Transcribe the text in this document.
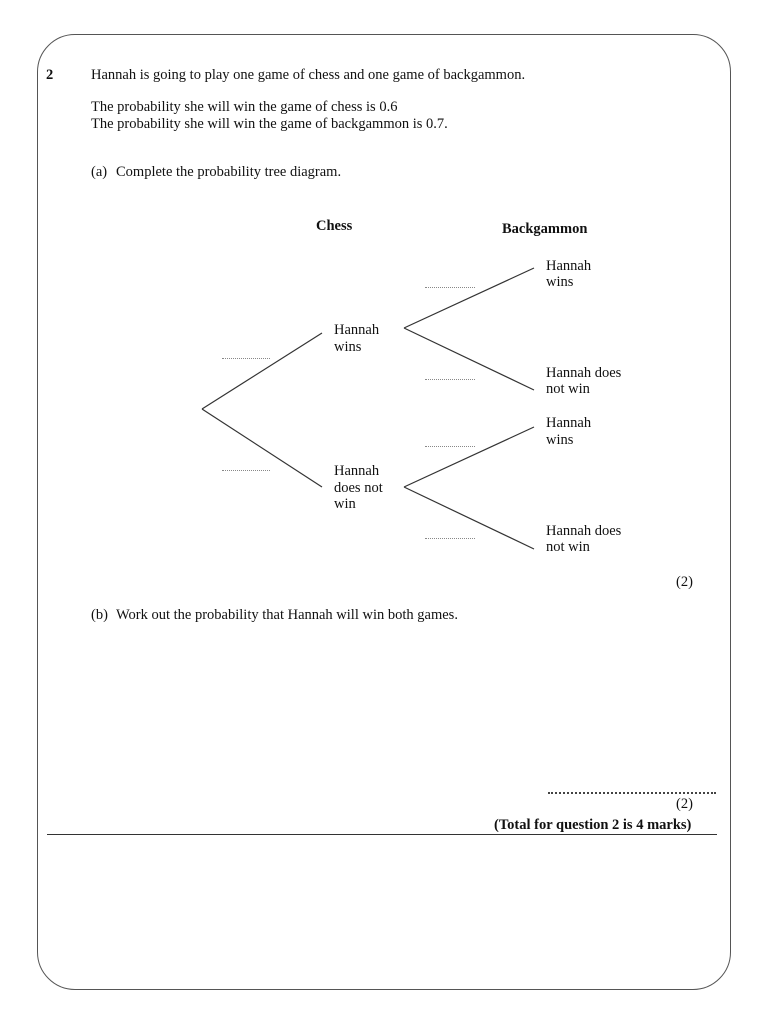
2	Hannah is going to play one game of chess and one game of backgammon.
The probability she will win the game of chess is 0.6
The probability she will win the game of backgammon is 0.7.
(a) Complete the probability tree diagram.
Chess	Backgammon
Hannah
wins
Hannah
does not
win
Hannah
wins
Hannah does
not win
Hannah
wins
Hannah does
not win
(2)
(b) Work out the probability that Hannah will win both games.
(2)
(Total for question 2 is 4 marks)
